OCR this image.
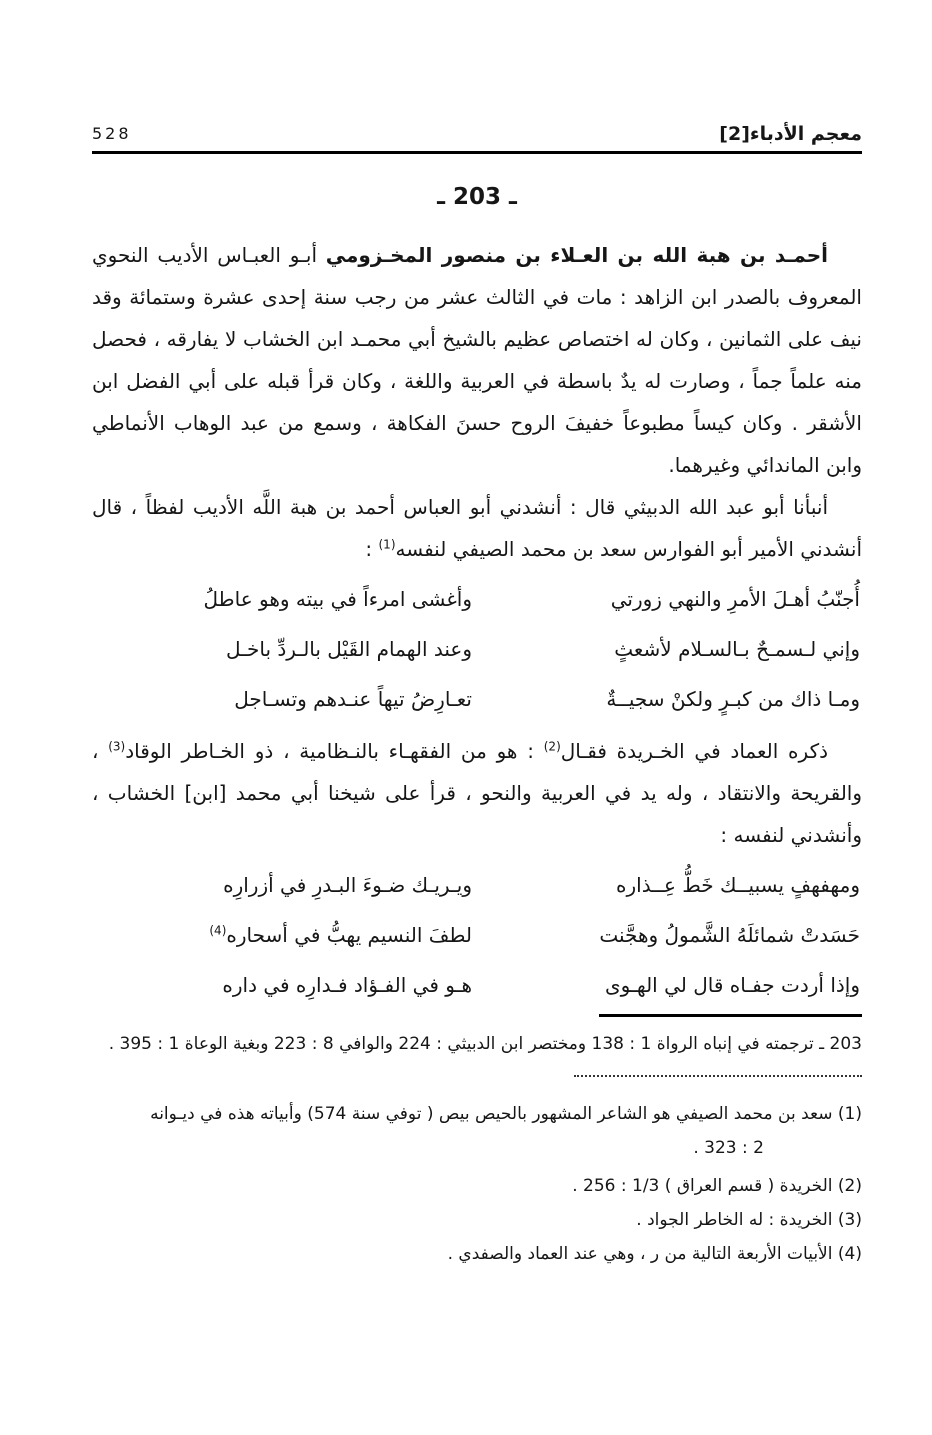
معجم الأدباء[2]
528
ـ 203 ـ

أحمـد بن هبة الله بن العـلاء بن منصور المخـزومي أبـو العبـاس الأديب النحوي المعروف بالصدر ابن الزاهد : مات في الثالث عشر من رجب سنة إحدى عشرة وستمائة وقد نيف على الثمانين ، وكان له اختصاص عظيم بالشيخ أبي محمـد ابن الخشاب لا يفارقه ، فحصل منه علماً جماً ، وصارت له يدٌ باسطة في العربية واللغة ، وكان قرأ قبله على أبي الفضل ابن الأشقر . وكان كيساً مطبوعاً خفيفَ الروح حسنَ الفكاهة ، وسمع من عبد الوهاب الأنماطي وابن الماندائي وغيرهما.

أنبأنا أبو عبد الله الدبيثي قال : أنشدني أبو العباس أحمد بن هبة اللَّه الأديب لفظاً ، قال أنشدني الأمير أبو الفوارس سعد بن محمد الصيفي لنفسه$^{(1)}$ :

أُجنّبُ أهـلَ الأمرِ والنهي زورتي
وأغشى امرءاً في بيته وهو عاطلُ
وإني لـسمـحٌ بـالسـلام لأشعثٍ
وعند الهمام القَيْل بالـردِّ باخـل
ومـا ذاك من كبـرٍ ولكنْ سجيــةٌ
تعـارِضُ تيهاً عنـدهم وتسـاجل

ذكره العماد في الخـريدة فقـال$^{(2)}$ : هو من الفقهـاء بالنـظامية ، ذو الخـاطر الوقاد$^{(3)}$ ، والقريحة والانتقاد ، وله يد في العربية والنحو ، قرأ على شيخنا أبي محمد [ابن] الخشاب ، وأنشدني لنفسه :

ومهفهفٍ يسبيــك خَطُّ عِــذاره
ويـريـك ضـوءَ البـدرِ في أزرارِه
حَسَدتْ شمائلَهُ الشَّمولُ وهجَّنت
لطفَ النسيم يهبُّ في أسحاره$^{(4)}$
وإذا أردت جفـاه قال لي الهـوى
هـو في الفـؤاد فـدارِه في داره

203 ـ ترجمته في إنباه الرواة 1 : 138 ومختصر ابن الدبيثي : 224 والوافي 8 : 223 وبغية الوعاة 1 : 395 .

(1) سعد بن محمد الصيفي هو الشاعر المشهور بالحيص بيص ( توفي سنة 574) وأبياته هذه في ديـوانه

2 : 323 .

(2) الخريدة ( قسم العراق ) 1/3 : 256 .

(3) الخريدة : له الخاطر الجواد .

(4) الأبيات الأربعة التالية من ر ، وهي عند العماد والصفدي .
